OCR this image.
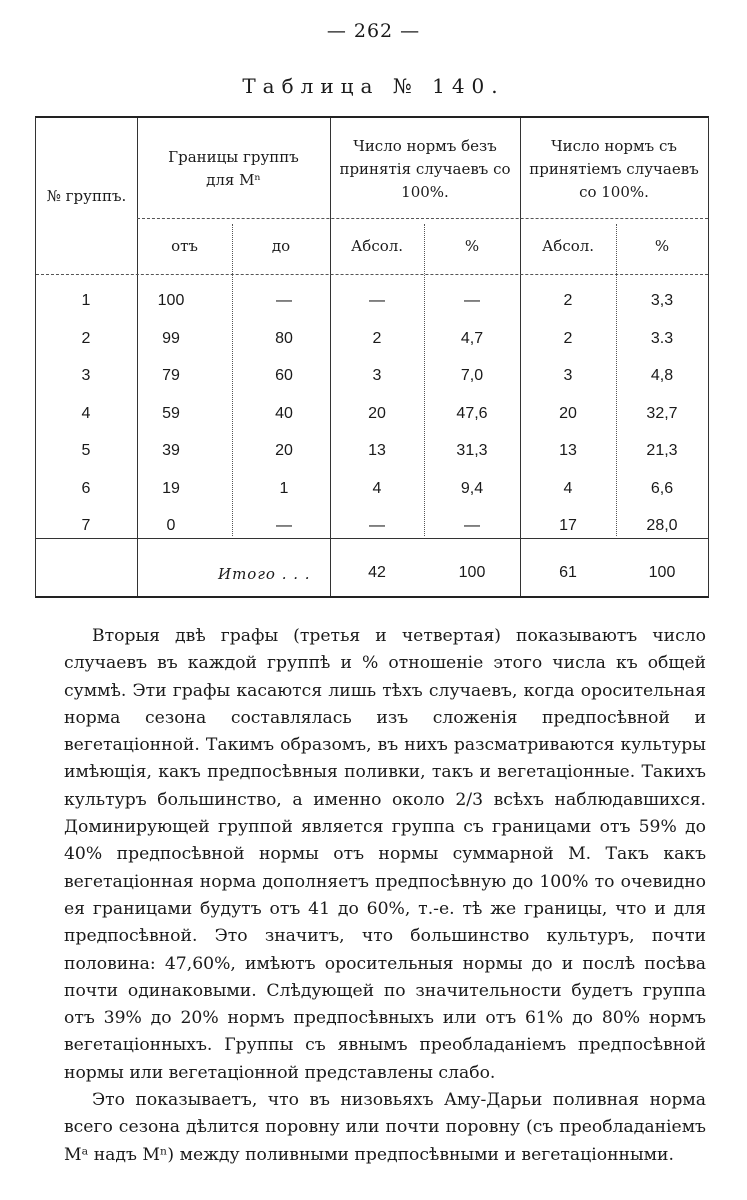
— 262 —
Таблица № 140.
№ группъ.
Границы группъ для Mⁿ
Число нормъ безъ принятія случаевъ со 100%.
Число нормъ съ принятіемъ случаевъ со 100%.
отъ	до	Абсол.	%	Абсол.	%
1	100	—	—	—	2	3,3
2	99	80	2	4,7	2	3.3
3	79	60	3	7,0	3	4,8
4	59	40	20	47,6	20	32,7
5	39	20	13	31,3	13	21,3
6	19	1	4	9,4	4	6,6
7	0	—	—	—	17	28,0
Итого . . .	42	100	61	100

Вторыя двѣ графы (третья и четвертая) показываютъ число случаевъ въ каждой группѣ и % отношеніе этого числа къ общей суммѣ. Эти графы касаются лишь тѣхъ случаевъ, когда оросительная норма сезона составлялась изъ сложенія предпосѣвной и вегетаціонной. Такимъ образомъ, въ нихъ разсматриваются культуры имѣющія, какъ предпосѣвныя поливки, такъ и вегетаціонные. Такихъ культуръ большинство, а именно около 2/3 всѣхъ наблюдавшихся. Доминирующей группой является группа съ границами отъ 59% до 40% предпосѣвной нормы отъ нормы суммарной M. Такъ какъ вегетаціонная норма дополняетъ предпосѣвную до 100% то очевидно ея границами будутъ отъ 41 до 60%, т.-е. тѣ же границы, что и для предпосѣвной. Это значитъ, что большинство культуръ, почти половина: 47,60%, имѣютъ оросительныя нормы до и послѣ посѣва почти одинаковыми. Слѣдующей по значительности будетъ группа отъ 39% до 20% нормъ предпосѣвныхъ или отъ 61% до 80% нормъ вегетаціонныхъ. Группы съ явнымъ преобладаніемъ предпосѣвной нормы или вегетаціонной представлены слабо.

Это показываетъ, что въ низовьяхъ Аму-Дарьи поливная норма всего сезона дѣлится поровну или почти поровну (съ преобладаніемъ Mᵃ надъ Mⁿ) между поливными предпосѣвными и вегетаціонными.
